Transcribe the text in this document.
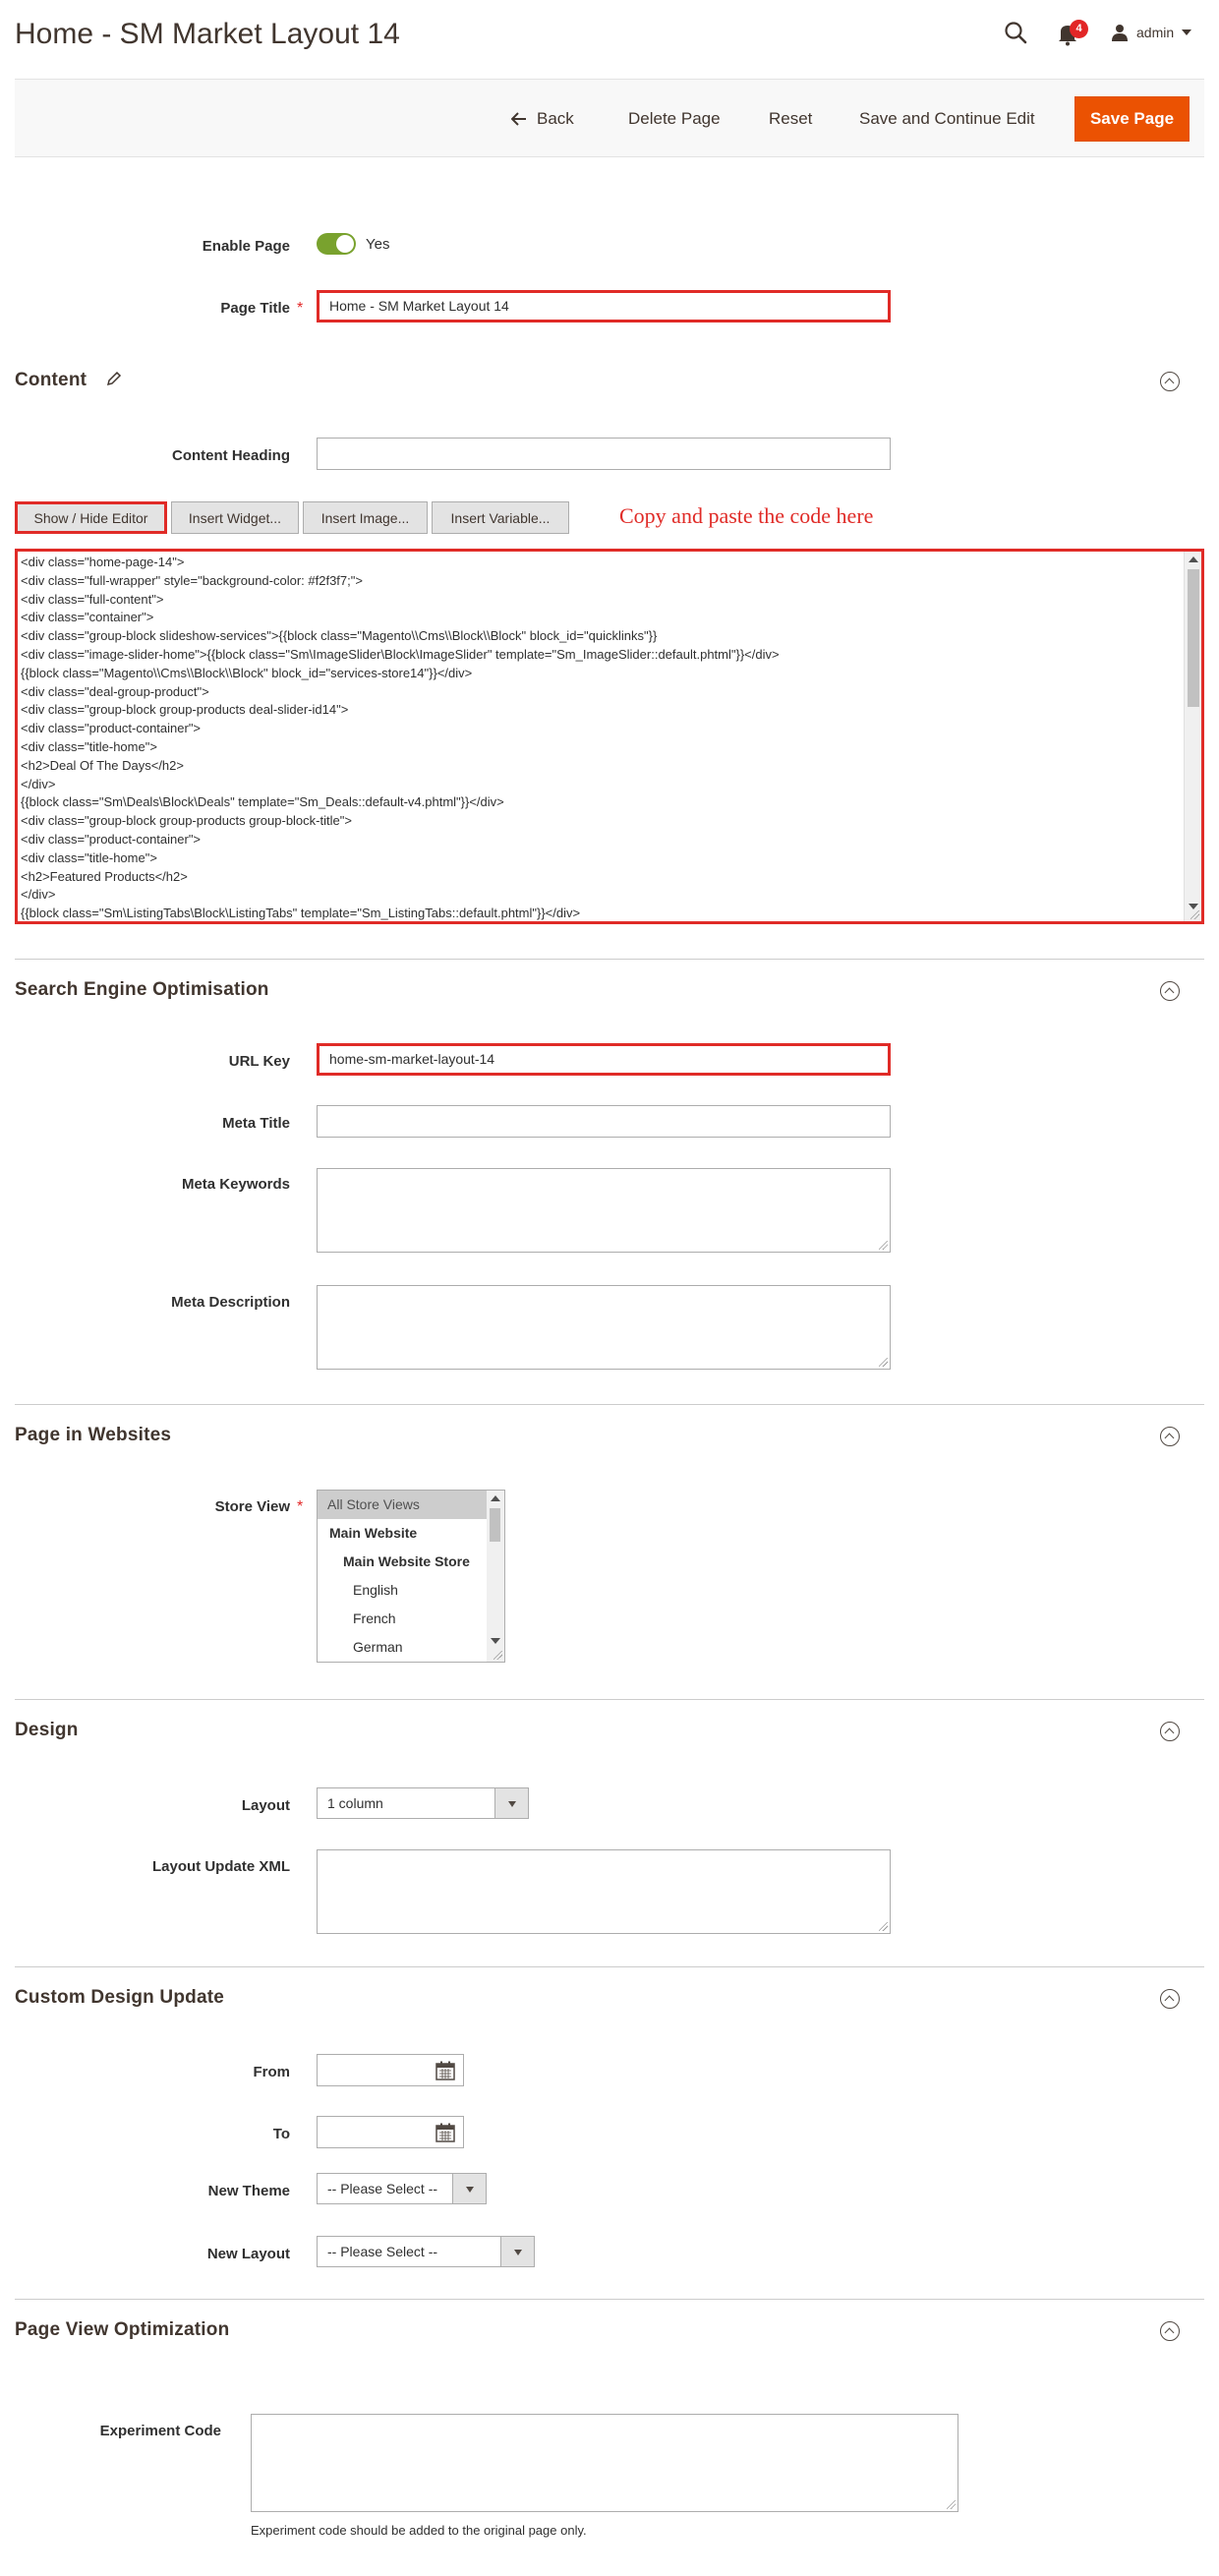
Home - SM Market Layout 14	4	admin
Back	Delete Page	Reset	Save and Continue Edit	Save Page
Enable Page	Yes
Page Title *	Home - SM Market Layout 14
Content
Content Heading
Show / Hide Editor	Insert Widget...	Insert Image...	Insert Variable...	Copy and paste the code here
<div class="home-page-14">
<div class="full-wrapper" style="background-color: #f2f3f7;">
<div class="full-content">
<div class="container">
<div class="group-block slideshow-services">{{block class="Magento\\Cms\\Block\\Block" block_id="quicklinks"}}
<div class="image-slider-home">{{block class="Sm\ImageSlider\Block\ImageSlider" template="Sm_ImageSlider::default.phtml"}}</div>
{{block class="Magento\\Cms\\Block\\Block" block_id="services-store14"}}</div>
<div class="deal-group-product">
<div class="group-block group-products deal-slider-id14">
<div class="product-container">
<div class="title-home">
<h2>Deal Of The Days</h2>
</div>
{{block class="Sm\Deals\Block\Deals" template="Sm_Deals::default-v4.phtml"}}</div>
<div class="group-block group-products group-block-title">
<div class="product-container">
<div class="title-home">
<h2>Featured Products</h2>
</div>
{{block class="Sm\ListingTabs\Block\ListingTabs" template="Sm_ListingTabs::default.phtml"}}</div>
Search Engine Optimisation
URL Key	home-sm-market-layout-14
Meta Title
Meta Keywords
Meta Description
Page in Websites
Store View *	All Store Views
Main Website
Main Website Store
English
French
German
Design
Layout	1 column
Layout Update XML
Custom Design Update
From
To
New Theme	-- Please Select --
New Layout	-- Please Select --
Page View Optimization
Experiment Code
Experiment code should be added to the original page only.
